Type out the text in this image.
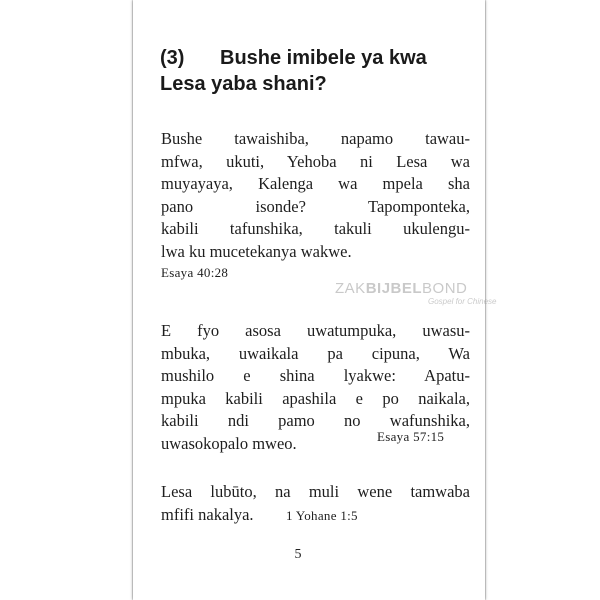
(3) Bushe imibele ya kwa
Lesa yaba shani?
Bushe tawaishiba, napamo tawau-
mfwa, ukuti, Yehoba ni Lesa wa
muyayaya, Kalenga wa mpela sha
pano isonde? Tapomponteka,
kabili tafunshika, takuli ukulengu-
lwa ku mucetekanya wakwe.
Esaya 40:28
E fyo asosa uwatumpuka, uwasu-
mbuka, uwaikala pa cipuna, Wa
mushilo e shina lyakwe: Apatu-
mpuka kabili apashila e po naikala,
kabili ndi pamo no wafunshika,
uwasokopalo mweo.	Esaya 57:15
Lesa lubūto, na muli wene tamwaba
mfifi nakalya.	1 Yohane 1:5
5
ZAKBIJBELBOND
Gospel for Chinese
